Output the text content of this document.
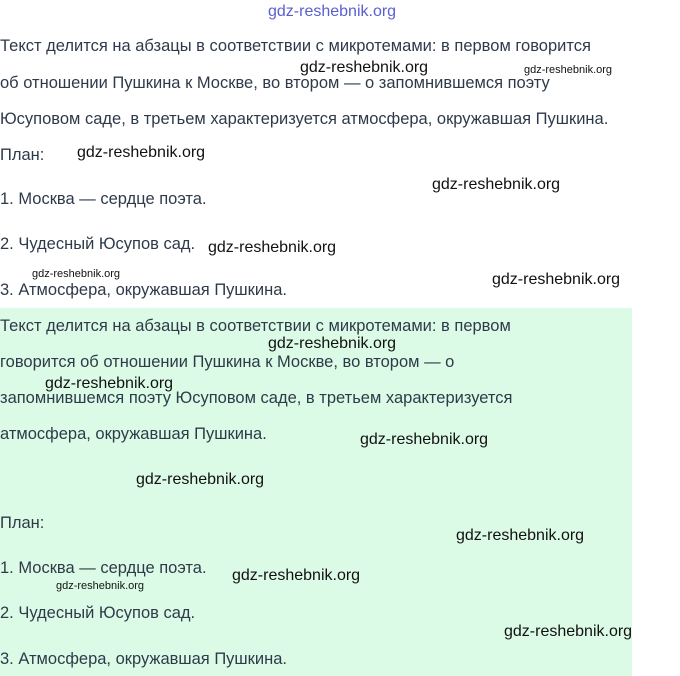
Текст делится на абзацы в соответствии с микротемами: в первом говорится
об отношении Пушкина к Москве, во втором — о запомнившемся поэту
Юсуповом саде, в третьем характеризуется атмосфера, окружавшая Пушкина.
План:
1. Москва — сердце поэта.
2. Чудесный Юсупов сад.
3. Атмосфера, окружавшая Пушкина.
Текст делится на абзацы в соответствии с микротемами: в первом
говорится об отношении Пушкина к Москве, во втором — о
запомнившемся поэту Юсуповом саде, в третьем характеризуется
атмосфера, окружавшая Пушкина.
План:
1. Москва — сердце поэта.
2. Чудесный Юсупов сад.
3. Атмосфера, окружавшая Пушкина.
gdz-reshebnik.org
gdz-reshebnik.org	gdz-reshebnik.org
gdz-reshebnik.org
gdz-reshebnik.org
gdz-reshebnik.org
gdz-reshebnik.org	gdz-reshebnik.org
gdz-reshebnik.org
gdz-reshebnik.org
gdz-reshebnik.org
gdz-reshebnik.org
gdz-reshebnik.org
gdz-reshebnik.org
gdz-reshebnik.org
gdz-reshebnik.org
